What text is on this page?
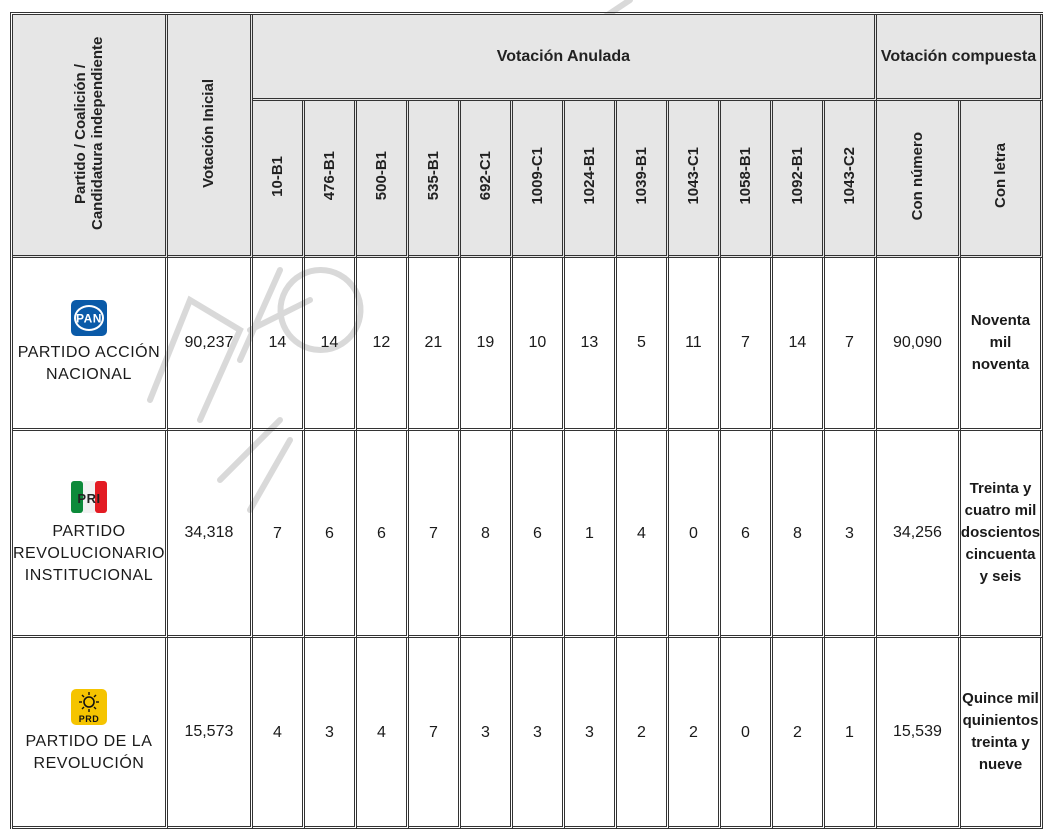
Partido / Coalición / Candidatura independiente	Votación Inicial	Votación Anulada												Votación compuesta	
		10-B1	476-B1	500-B1	535-B1	692-C1	1009-C1	1024-B1	1039-B1	1043-C1	1058-B1	1092-B1	1043-C2	Con número	Con letra

PAN
PARTIDO ACCIÓN NACIONAL	90,237	14	14	12	21	19	10	13	5	11	7	14	7	90,090	Noventa mil noventa

PRI
PARTIDO REVOLUCIONARIO INSTITUCIONAL	34,318	7	6	6	7	8	6	1	4	0	6	8	3	34,256	Treinta y cuatro mil doscientos cincuenta y seis

PRD
PARTIDO DE LA REVOLUCIÓN	15,573	4	3	4	7	3	3	3	2	2	0	2	1	15,539	Quince mil quinientos treinta y nueve
